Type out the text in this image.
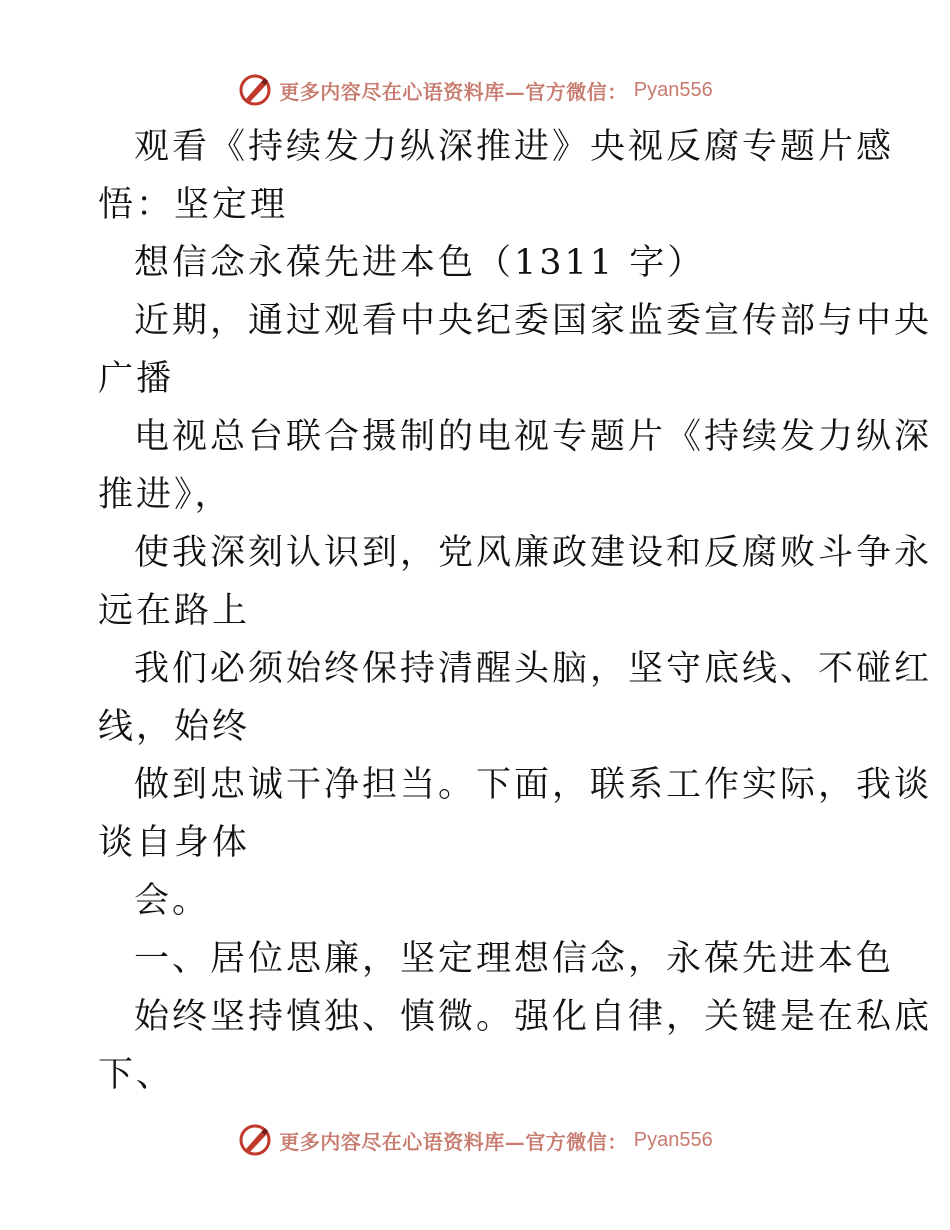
更多内容尽在心语资料库—官方微信： Pyan556
观看《持续发力纵深推进》央视反腐专题片感
悟：坚定理
想信念永葆先进本色（1311 字）
近期，通过观看中央纪委国家监委宣传部与中央
广播
电视总台联合摄制的电视专题片《持续发力纵深
推进》，
使我深刻认识到，党风廉政建设和反腐败斗争永
远在路上
我们必须始终保持清醒头脑，坚守底线、不碰红
线，始终
做到忠诚干净担当。下面，联系工作实际，我谈
谈自身体
会。
一、居位思廉，坚定理想信念，永葆先进本色
始终坚持慎独、慎微。强化自律，关键是在私底
下、
更多内容尽在心语资料库—官方微信： Pyan556
